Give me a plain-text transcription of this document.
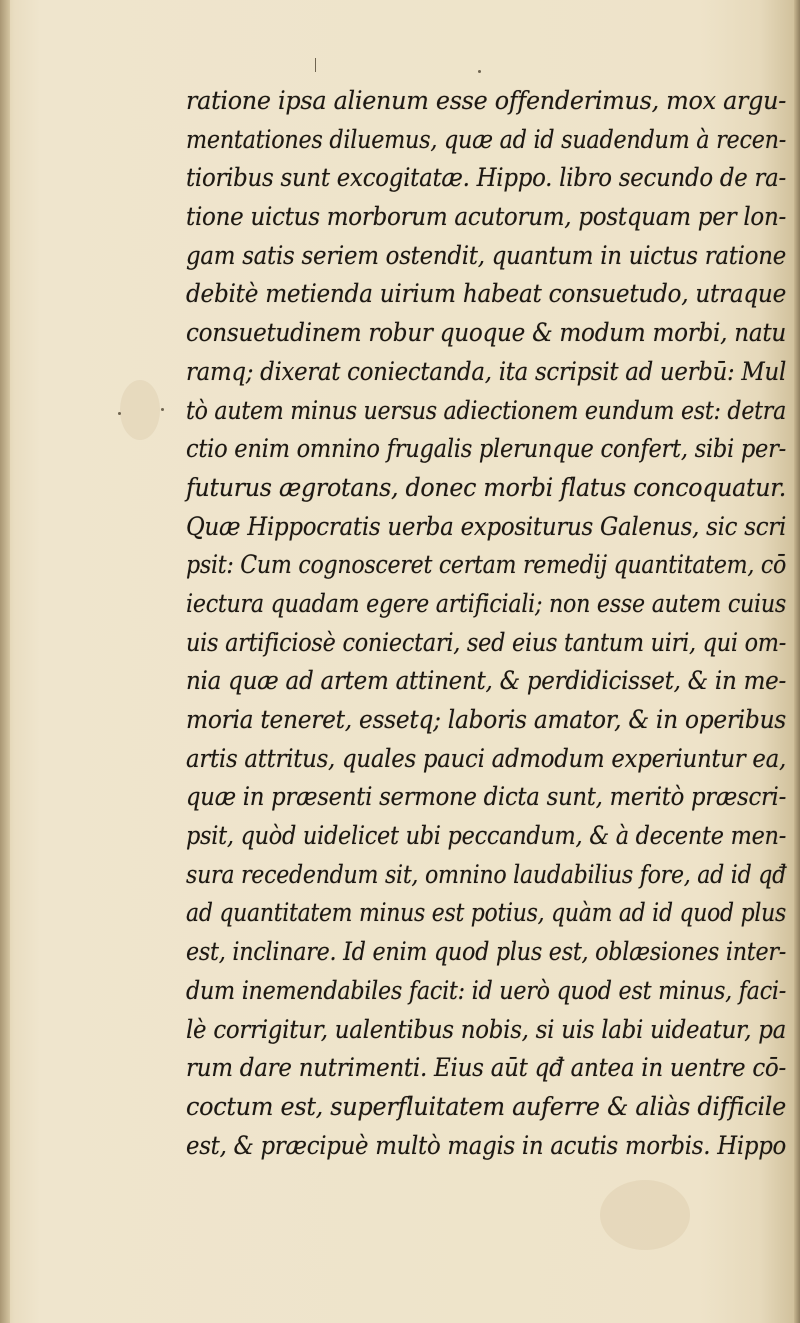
ratione ipsa alienum esse offenderimus, mox argu-
mentationes diluemus, quæ ad id suadendum à recen-
tioribus sunt excogitatæ. Hippo. libro secundo de ra-
tione uictus morborum acutorum, postquam per lon-
gam satis seriem ostendit, quantum in uictus ratione
debitè metienda uirium habeat consuetudo, utraque
consuetudinem robur quoque & modum morbi, natu
ramq; dixerat coniectanda, ita scripsit ad uerbū: Mul
tò autem minus uersus adiectionem eundum est: detra
ctio enim omnino frugalis plerunque confert, sibi per-
futurus ægrotans, donec morbi flatus concoquatur.
Quæ Hippocratis uerba expositurus Galenus, sic scri
psit: Cum cognosceret certam remedij quantitatem, cō
iectura quadam egere artificiali; non esse autem cuius
uis artificiosè coniectari, sed eius tantum uiri, qui om-
nia quæ ad artem attinent, & perdidicisset, & in me-
moria teneret, essetq; laboris amator, & in operibus
artis attritus, quales pauci admodum experiuntur ea,
quæ in præsenti sermone dicta sunt, meritò præscri-
psit, quòd uidelicet ubi peccandum, & à decente men-
sura recedendum sit, omnino laudabilius fore, ad id qđ
ad quantitatem minus est potius, quàm ad id quod plus
est, inclinare. Id enim quod plus est, oblæsiones inter-
dum inemendabiles facit: id uerò quod est minus, faci-
lè corrigitur, ualentibus nobis, si uis labi uideatur, pa
rum dare nutrimenti. Eius aūt qđ antea in uentre cō-
coctum est, superfluitatem auferre & aliàs difficile
est, & præcipuè multò magis in acutis morbis. Hippo
